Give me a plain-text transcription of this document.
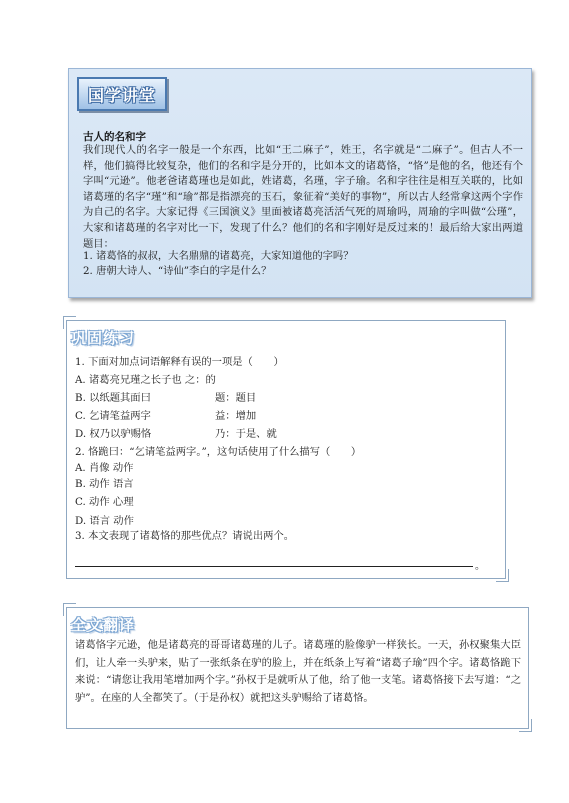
国学讲堂
古人的名和字
我们现代人的名字一般是一个东西，比如“王二麻子”，姓王，名字就是“二麻子”。但古人不一样，他们搞得比较复杂，他们的名和字是分开的，比如本文的诸葛恪，“恪”是他的名，他还有个字叫“元逊”。他老爸诸葛瑾也是如此，姓诸葛，名瑾，字子瑜。名和字往往是相互关联的，比如诸葛瑾的名字“瑾”和“瑜”都是指漂亮的玉石，象征着“美好的事物”，所以古人经常拿这两个字作为自己的名字。大家记得《三国演义》里面被诸葛亮活活气死的周瑜吗，周瑜的字叫做“公瑾”，大家和诸葛瑾的名字对比一下，发现了什么？他们的名和字刚好是反过来的！最后给大家出两道题目：
1. 诸葛恪的叔叔，大名鼎鼎的诸葛亮，大家知道他的字吗？
2. 唐朝大诗人、“诗仙”李白的字是什么？
巩固练习
1. 下面对加点词语解释有误的一项是（　　）
A. 诸葛亮兄瑾之长子也 之：的
B. 以纸题其面曰	题：题目
C. 乞请笔益两字	益：增加
D. 权乃以驴赐恪	乃：于是、就
2. 恪跪曰：“乞请笔益两字。”，这句话使用了什么描写（　　）
A. 肖像 动作
B. 动作 语言
C. 动作 心理
D. 语言 动作
3. 本文表现了诸葛恪的那些优点？请说出两个。
。
全文翻译
诸葛恪字元逊，他是诸葛亮的哥哥诸葛瑾的儿子。诸葛瑾的脸像驴一样狭长。一天，孙权聚集大臣们，让人牵一头驴来，贴了一张纸条在驴的脸上，并在纸条上写着“诸葛子瑜”四个字。诸葛恪跪下来说：“请您让我用笔增加两个字。”孙权于是就听从了他，给了他一支笔。诸葛恪接下去写道：“之驴”。在座的人全都笑了。（于是孙权）就把这头驴赐给了诸葛恪。
